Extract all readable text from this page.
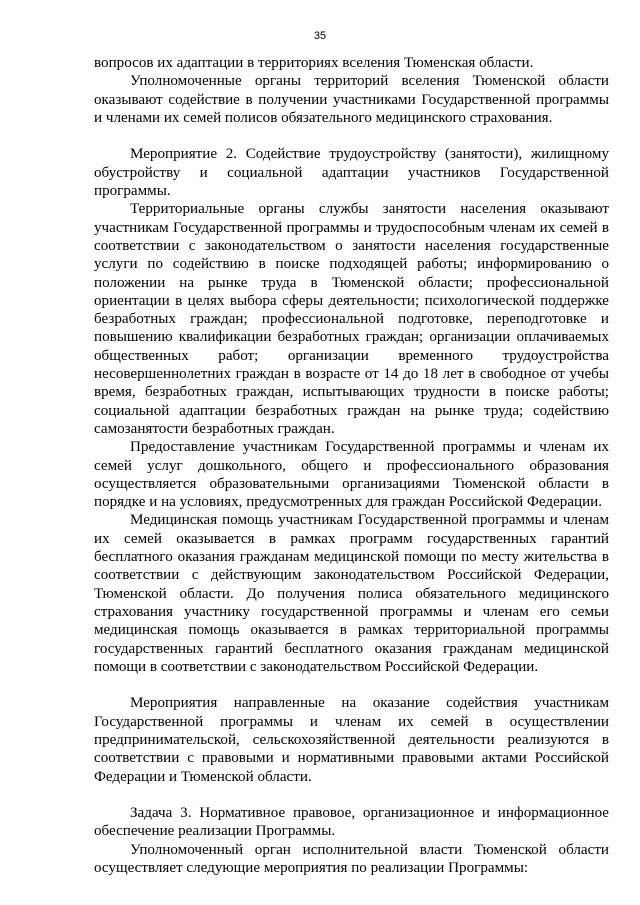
35

вопросов их адаптации в территориях вселения Тюменская области.

Уполномоченные органы территорий вселения Тюменской области оказывают содействие в получении участниками Государственной программы и членами их семей полисов обязательного медицинского страхования.

Мероприятие 2. Содействие трудоустройству (занятости), жилищному обустройству и социальной адаптации участников Государственной программы.

Территориальные органы службы занятости населения оказывают участникам Государственной программы и трудоспособным членам их семей в соответствии с законодательством о занятости населения государственные услуги по содействию в поиске подходящей работы; информированию о положении на рынке труда в Тюменской области; профессиональной ориентации в целях выбора сферы деятельности; психологической поддержке безработных граждан; профессиональной подготовке, переподготовке и повышению квалификации безработных граждан; организации оплачиваемых общественных работ; организации временного трудоустройства несовершеннолетних граждан в возрасте от 14 до 18 лет в свободное от учебы время, безработных граждан, испытывающих трудности в поиске работы; социальной адаптации безработных граждан на рынке труда; содействию самозанятости безработных граждан.

Предоставление участникам Государственной программы и членам их семей услуг дошкольного, общего и профессионального образования осуществляется образовательными организациями Тюменской области в порядке и на условиях, предусмотренных для граждан Российской Федерации.

Медицинская помощь участникам Государственной программы и членам их семей оказывается в рамках программ государственных гарантий бесплатного оказания гражданам медицинской помощи по месту жительства в соответствии с действующим законодательством Российской Федерации, Тюменской области. До получения полиса обязательного медицинского страхования участнику государственной программы и членам его семьи медицинская помощь оказывается в рамках территориальной программы государственных гарантий бесплатного оказания гражданам медицинской помощи в соответствии с законодательством Российской Федерации.

Мероприятия направленные на оказание содействия участникам Государственной программы и членам их семей в осуществлении предпринимательской, сельскохозяйственной деятельности реализуются в соответствии с правовыми и нормативными правовыми актами Российской Федерации и Тюменской области.

Задача 3. Нормативное правовое, организационное и информационное обеспечение реализации Программы.

Уполномоченный орган исполнительной власти Тюменской области осуществляет следующие мероприятия по реализации Программы:
